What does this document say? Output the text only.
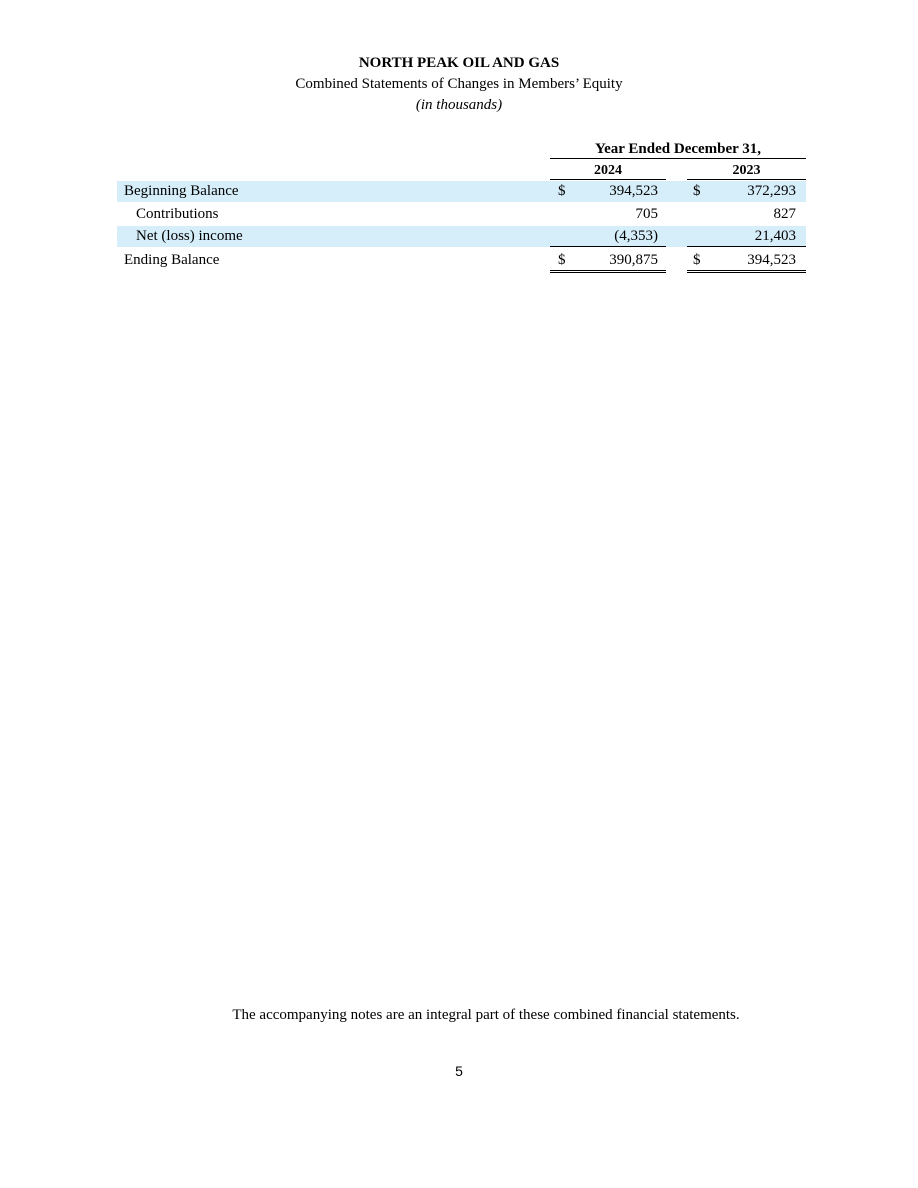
NORTH PEAK OIL AND GAS
Combined Statements of Changes in Members’ Equity
(in thousands)
Year Ended December 31,
2024	2023
Beginning Balance	$	394,523 $	372,293
Contributions	705	827
Net (loss) income	(4,353)	21,403
Ending Balance	$	390,875 $	394,523
The accompanying notes are an integral part of these combined financial statements.
5
